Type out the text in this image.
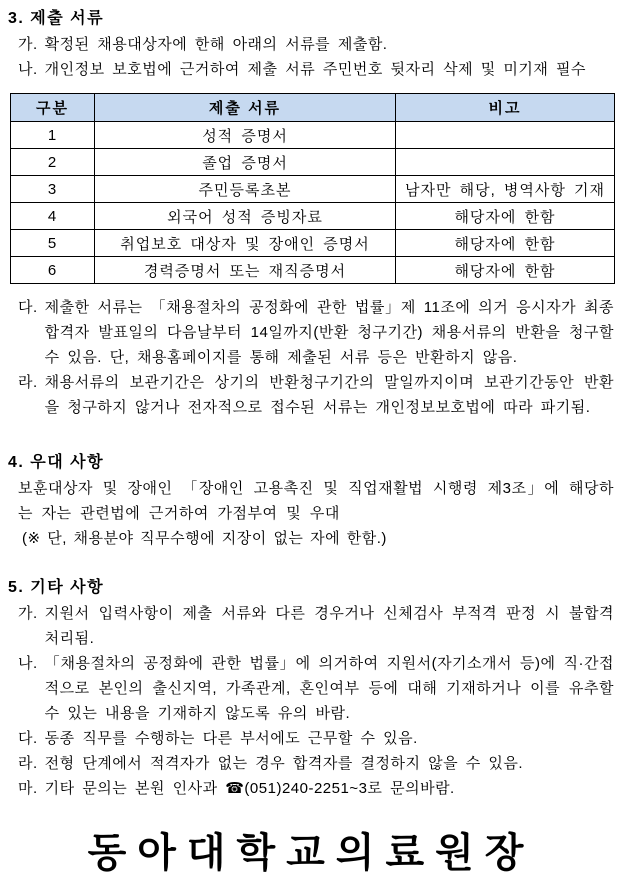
3. 제출 서류
가. 확정된 채용대상자에 한해 아래의 서류를 제출함.
나. 개인정보 보호법에 근거하여 제출 서류 주민번호 뒷자리 삭제 및 미기재 필수
구분	제출 서류	비고
1	성적 증명서	
2	졸업 증명서	
3	주민등록초본	남자만 해당, 병역사항 기재
4	외국어 성적 증빙자료	해당자에 한함
5	취업보호 대상자 및 장애인 증명서	해당자에 한함
6	경력증명서 또는 재직증명서	해당자에 한함
다. 제출한 서류는 「채용절차의 공정화에 관한 법률」제 11조에 의거 응시자가 최종합격자 발표일의 다음날부터 14일까지(반환 청구기간) 채용서류의 반환을 청구할 수 있음. 단, 채용홈페이지를 통해 제출된 서류 등은 반환하지 않음.
라. 채용서류의 보관기간은 상기의 반환청구기간의 말일까지이며 보관기간동안 반환을 청구하지 않거나 전자적으로 접수된 서류는 개인정보보호법에 따라 파기됨.
4. 우대 사항
보훈대상자 및 장애인 「장애인 고용촉진 및 직업재활법 시행령 제3조」에 해당하는 자는 관련법에 근거하여 가점부여 및 우대
(※ 단, 채용분야 직무수행에 지장이 없는 자에 한함.)
5. 기타 사항
가. 지원서 입력사항이 제출 서류와 다른 경우거나 신체검사 부적격 판정 시 불합격 처리됨.
나. 「채용절차의 공정화에 관한 법률」에 의거하여 지원서(자기소개서 등)에 직·간접적으로 본인의 출신지역, 가족관계, 혼인여부 등에 대해 기재하거나 이를 유추할 수 있는 내용을 기재하지 않도록 유의 바람.
다. 동종 직무를 수행하는 다른 부서에도 근무할 수 있음.
라. 전형 단계에서 적격자가 없는 경우 합격자를 결정하지 않을 수 있음.
마. 기타 문의는 본원 인사과 ☎(051)240-2251~3로 문의바람.
동아대학교의료원장
